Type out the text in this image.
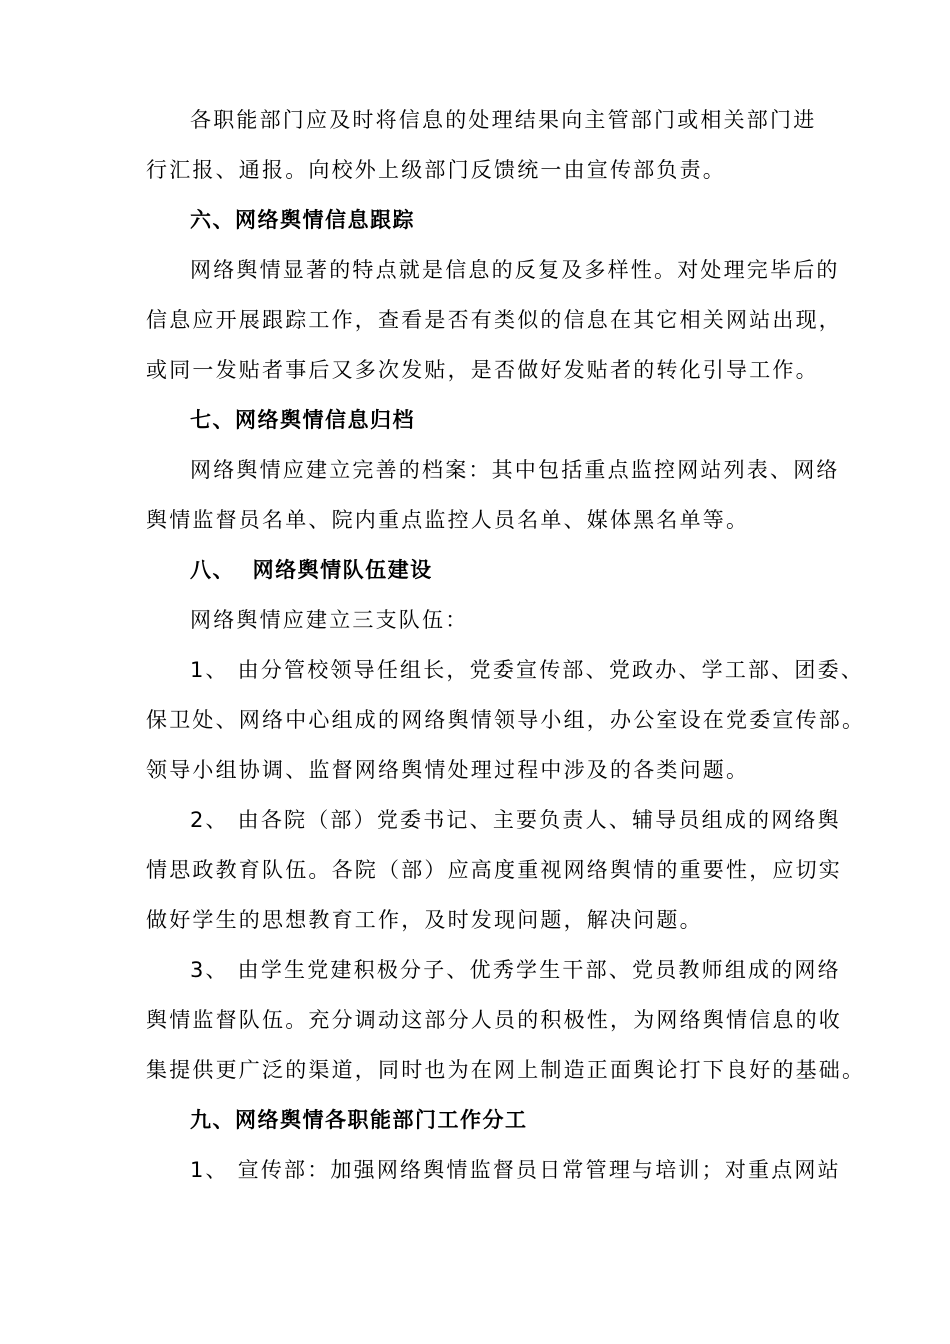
各职能部门应及时将信息的处理结果向主管部门或相关部门进
行汇报、通报。向校外上级部门反馈统一由宣传部负责。
六、网络舆情信息跟踪
网络舆情显著的特点就是信息的反复及多样性。对处理完毕后的
信息应开展跟踪工作，查看是否有类似的信息在其它相关网站出现，
或同一发贴者事后又多次发贴，是否做好发贴者的转化引导工作。
七、网络舆情信息归档
网络舆情应建立完善的档案：其中包括重点监控网站列表、网络
舆情监督员名单、院内重点监控人员名单、媒体黑名单等。
八、  网络舆情队伍建设
网络舆情应建立三支队伍：
1、 由分管校领导任组长，党委宣传部、党政办、学工部、团委、
保卫处、网络中心组成的网络舆情领导小组，办公室设在党委宣传部。
领导小组协调、监督网络舆情处理过程中涉及的各类问题。
2、 由各院（部）党委书记、主要负责人、辅导员组成的网络舆
情思政教育队伍。各院（部）应高度重视网络舆情的重要性，应切实
做好学生的思想教育工作，及时发现问题，解决问题。
3、 由学生党建积极分子、优秀学生干部、党员教师组成的网络
舆情监督队伍。充分调动这部分人员的积极性，为网络舆情信息的收
集提供更广泛的渠道，同时也为在网上制造正面舆论打下良好的基础。
九、网络舆情各职能部门工作分工
1、 宣传部：加强网络舆情监督员日常管理与培训；对重点网站
